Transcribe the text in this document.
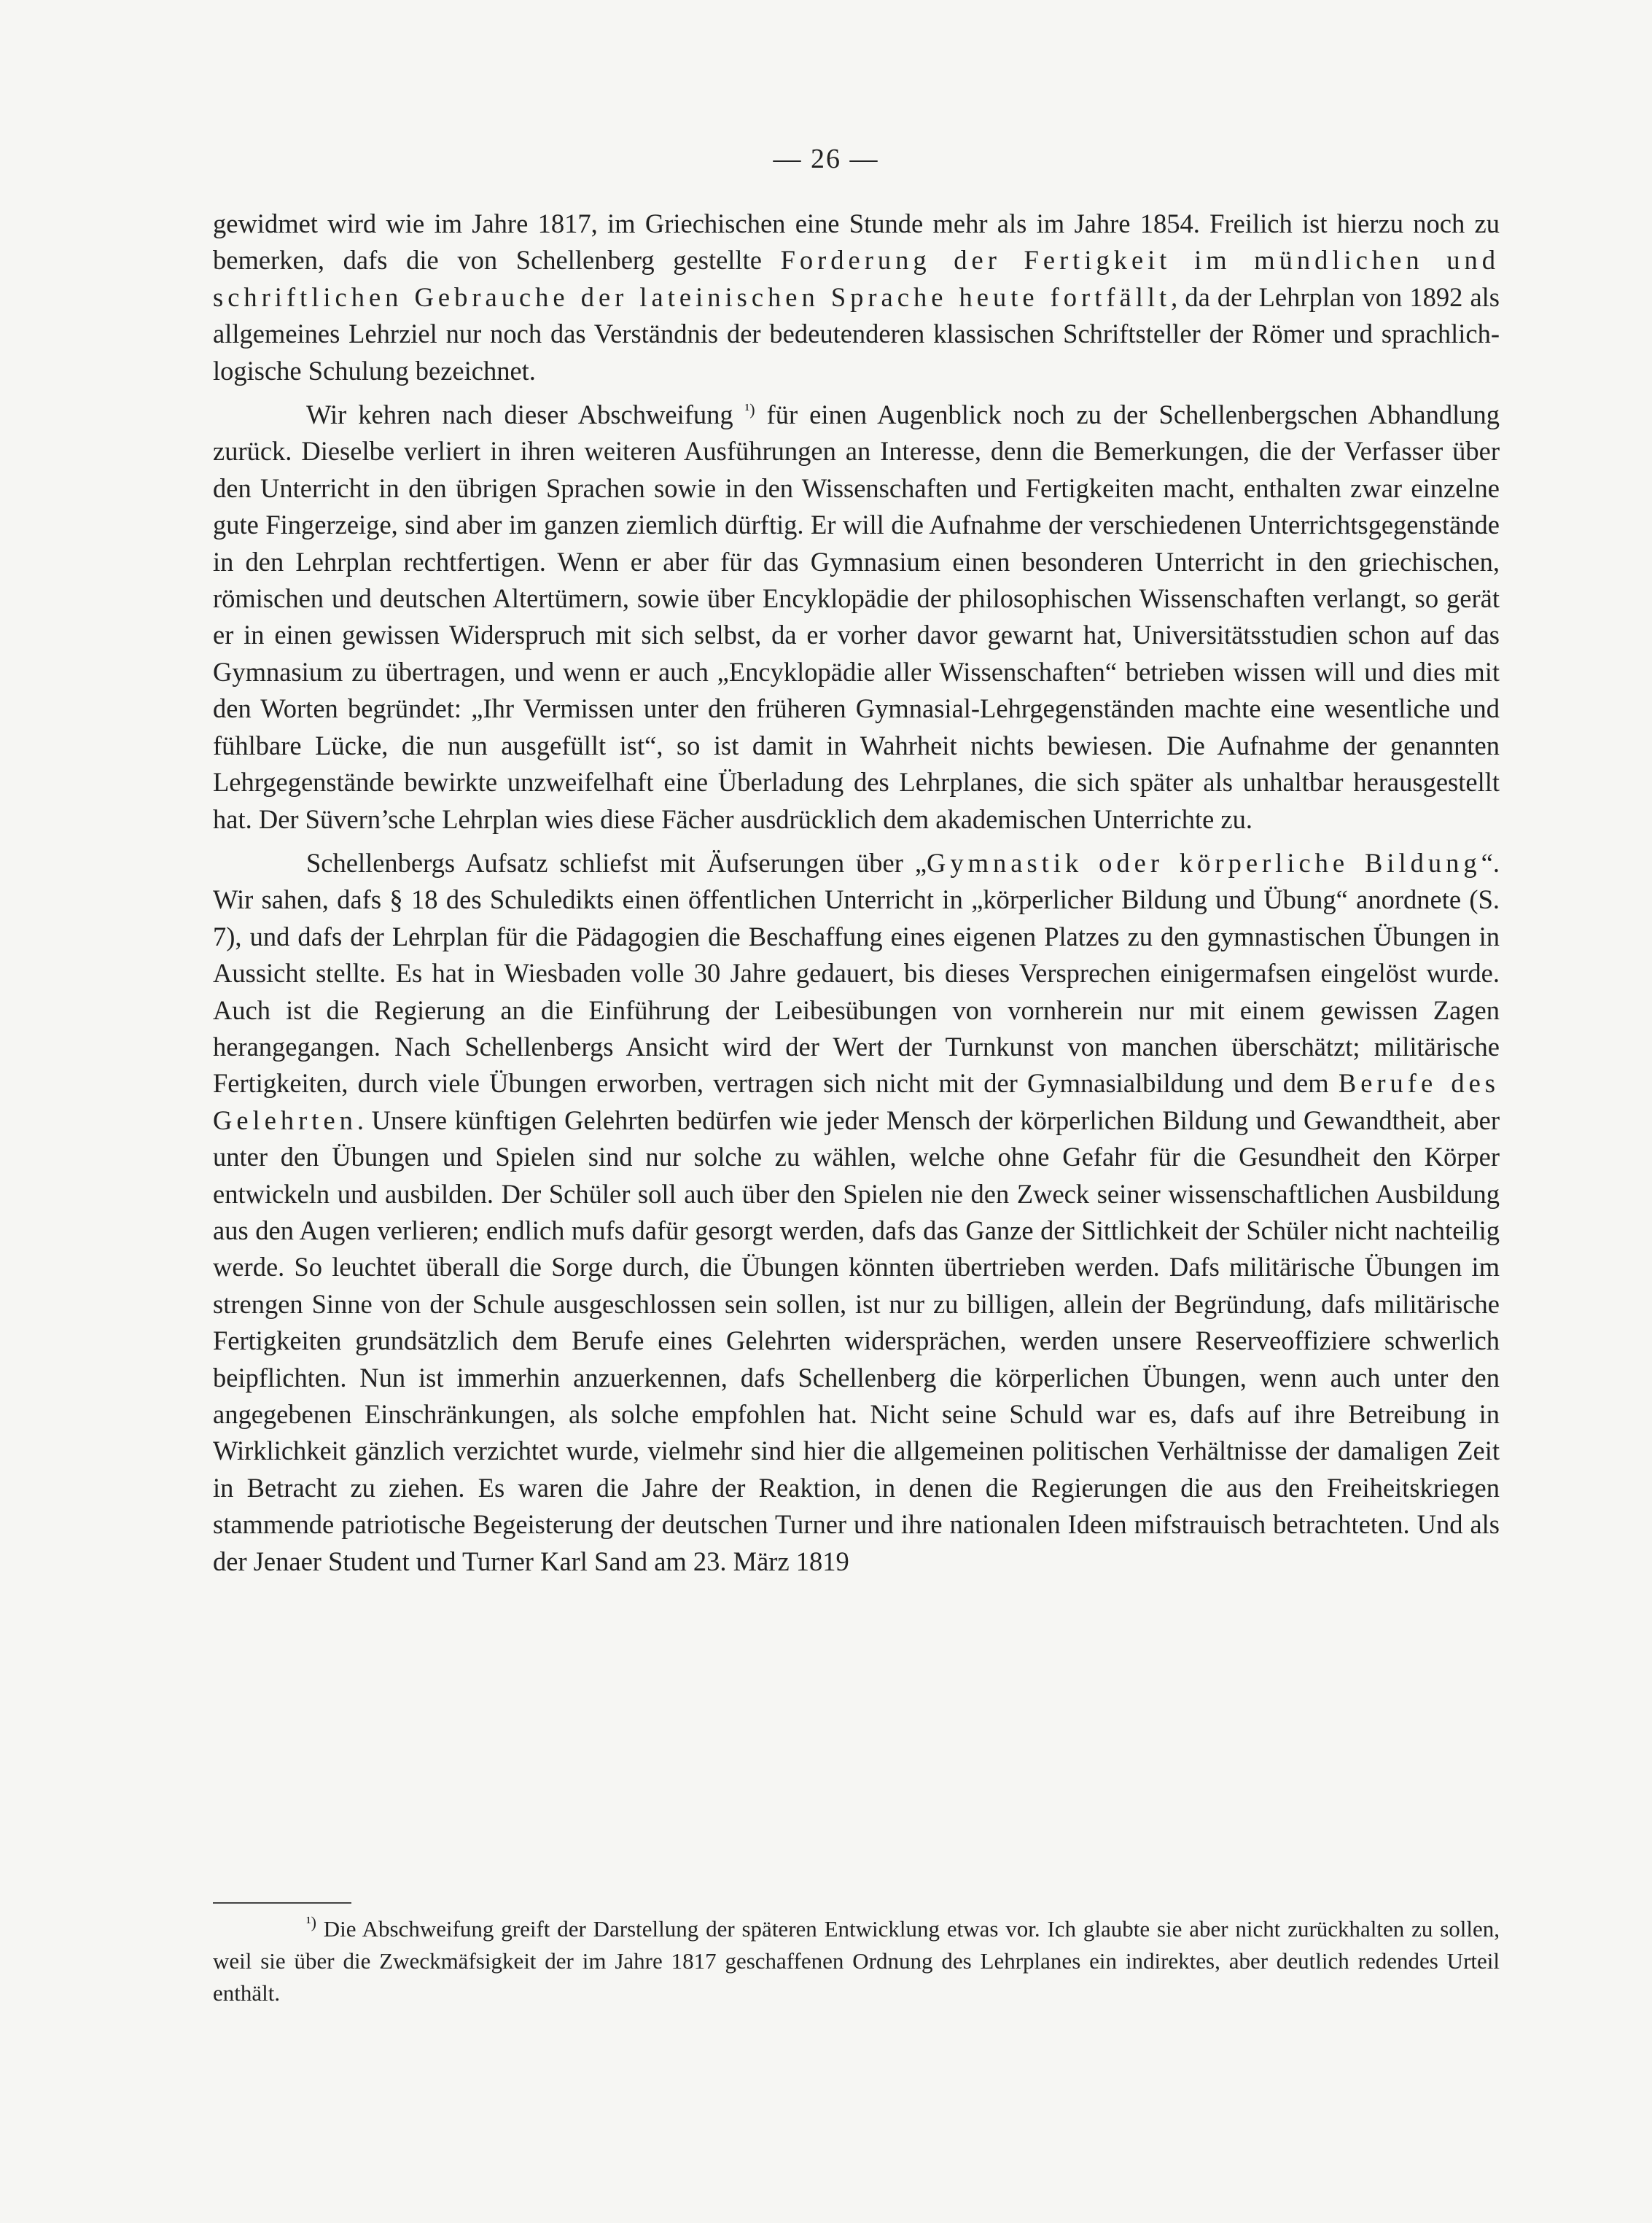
— 26 —

gewidmet wird wie im Jahre 1817, im Griechischen eine Stunde mehr als im Jahre 1854. Freilich ist hierzu noch zu bemerken, dafs die von Schellenberg gestellte Forderung der Fertigkeit im mündlichen und schriftlichen Gebrauche der lateinischen Sprache heute fortfällt, da der Lehrplan von 1892 als allgemeines Lehrziel nur noch das Verständnis der bedeutenderen klassischen Schriftsteller der Römer und sprachlich-logische Schulung bezeichnet.

Wir kehren nach dieser Abschweifung $^{^1)}$ für einen Augenblick noch zu der Schellenbergschen Abhandlung zurück. Dieselbe verliert in ihren weiteren Ausführungen an Interesse, denn die Bemerkungen, die der Verfasser über den Unterricht in den übrigen Sprachen sowie in den Wissenschaften und Fertigkeiten macht, enthalten zwar einzelne gute Fingerzeige, sind aber im ganzen ziemlich dürftig. Er will die Aufnahme der verschiedenen Unterrichtsgegenstände in den Lehrplan rechtfertigen. Wenn er aber für das Gymnasium einen besonderen Unterricht in den griechischen, römischen und deutschen Altertümern, sowie über Encyklopädie der philosophischen Wissenschaften verlangt, so gerät er in einen gewissen Widerspruch mit sich selbst, da er vorher davor gewarnt hat, Universitätsstudien schon auf das Gymnasium zu übertragen, und wenn er auch „Encyklopädie aller Wissenschaften“ betrieben wissen will und dies mit den Worten begründet: „Ihr Vermissen unter den früheren Gymnasial-Lehrgegenständen machte eine wesentliche und fühlbare Lücke, die nun ausgefüllt ist“, so ist damit in Wahrheit nichts bewiesen. Die Aufnahme der genannten Lehrgegenstände bewirkte unzweifelhaft eine Überladung des Lehrplanes, die sich später als unhaltbar herausgestellt hat. Der Süvern’sche Lehrplan wies diese Fächer ausdrücklich dem akademischen Unterrichte zu.

Schellenbergs Aufsatz schliefst mit Äufserungen über „Gymnastik oder körperliche Bildung“. Wir sahen, dafs § 18 des Schuledikts einen öffentlichen Unterricht in „körperlicher Bildung und Übung“ anordnete (S. 7), und dafs der Lehrplan für die Pädagogien die Beschaffung eines eigenen Platzes zu den gymnastischen Übungen in Aussicht stellte. Es hat in Wiesbaden volle 30 Jahre gedauert, bis dieses Versprechen einigermafsen eingelöst wurde. Auch ist die Regierung an die Einführung der Leibesübungen von vornherein nur mit einem gewissen Zagen herangegangen. Nach Schellenbergs Ansicht wird der Wert der Turnkunst von manchen überschätzt; militärische Fertigkeiten, durch viele Übungen erworben, vertragen sich nicht mit der Gymnasialbildung und dem Berufe des Gelehrten. Unsere künftigen Gelehrten bedürfen wie jeder Mensch der körperlichen Bildung und Gewandtheit, aber unter den Übungen und Spielen sind nur solche zu wählen, welche ohne Gefahr für die Gesundheit den Körper entwickeln und ausbilden. Der Schüler soll auch über den Spielen nie den Zweck seiner wissenschaftlichen Ausbildung aus den Augen verlieren; endlich mufs dafür gesorgt werden, dafs das Ganze der Sittlichkeit der Schüler nicht nachteilig werde. So leuchtet überall die Sorge durch, die Übungen könnten übertrieben werden. Dafs militärische Übungen im strengen Sinne von der Schule ausgeschlossen sein sollen, ist nur zu billigen, allein der Begründung, dafs militärische Fertigkeiten grundsätzlich dem Berufe eines Gelehrten widersprächen, werden unsere Reserveoffiziere schwerlich beipflichten. Nun ist immerhin anzuerkennen, dafs Schellenberg die körperlichen Übungen, wenn auch unter den angegebenen Einschränkungen, als solche empfohlen hat. Nicht seine Schuld war es, dafs auf ihre Betreibung in Wirklichkeit gänzlich verzichtet wurde, vielmehr sind hier die allgemeinen politischen Verhältnisse der damaligen Zeit in Betracht zu ziehen. Es waren die Jahre der Reaktion, in denen die Regierungen die aus den Freiheitskriegen stammende patriotische Begeisterung der deutschen Turner und ihre nationalen Ideen mifstrauisch betrachteten. Und als der Jenaer Student und Turner Karl Sand am 23. März 1819

$^{^1)}$ Die Abschweifung greift der Darstellung der späteren Entwicklung etwas vor. Ich glaubte sie aber nicht zurückhalten zu sollen, weil sie über die Zweckmäfsigkeit der im Jahre 1817 geschaffenen Ordnung des Lehrplanes ein indirektes, aber deutlich redendes Urteil enthält.
